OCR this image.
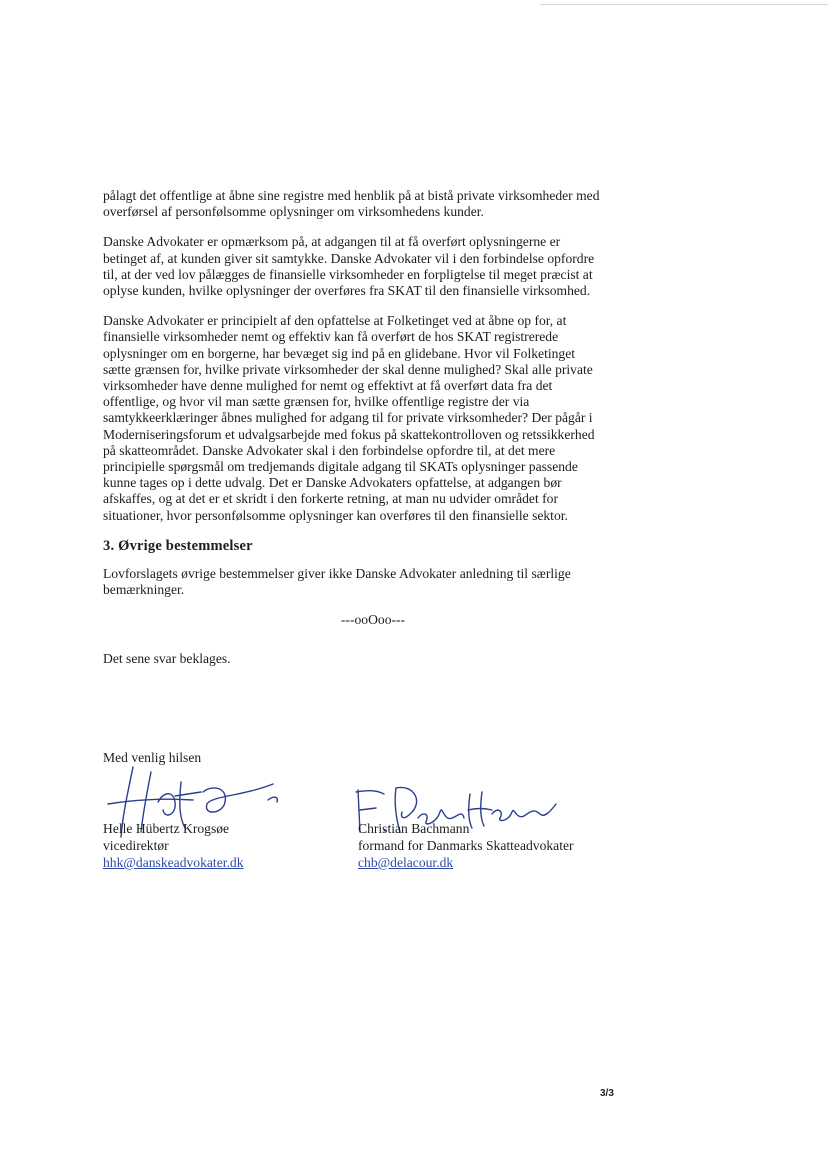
pålagt det offentlige at åbne sine registre med henblik på at bistå private virksomheder med overførsel af personfølsomme oplysninger om virksomhedens kunder.

Danske Advokater er opmærksom på, at adgangen til at få overført oplysningerne er betinget af, at kunden giver sit samtykke. Danske Advokater vil i den forbindelse opfordre til, at der ved lov pålægges de finansielle virksomheder en forpligtelse til meget præcist at oplyse kunden, hvilke oplysninger der overføres fra SKAT til den finansielle virksomhed.

Danske Advokater er principielt af den opfattelse at Folketinget ved at åbne op for, at finansielle virksomheder nemt og effektiv kan få overført de hos SKAT registrerede oplysninger om en borgerne, har bevæget sig ind på en glidebane. Hvor vil Folketinget sætte grænsen for, hvilke private virksomheder der skal denne mulighed? Skal alle private virksomheder have denne mulighed for nemt og effektivt at få overført data fra det offentlige, og hvor vil man sætte grænsen for, hvilke offentlige registre der via samtykkeerklæringer åbnes mulighed for adgang til for private virksomheder? Der pågår i Moderniseringsforum et udvalgsarbejde med fokus på skattekontrolloven og retssikkerhed på skatteområdet. Danske Advokater skal i den forbindelse opfordre til, at det mere principielle spørgsmål om tredjemands digitale adgang til SKATs oplysninger passende kunne tages op i dette udvalg. Det er Danske Advokaters opfattelse, at adgangen bør afskaffes, og at det er et skridt i den forkerte retning, at man nu udvider området for situationer, hvor personfølsomme oplysninger kan overføres til den finansielle sektor.

3. Øvrige bestemmelser

Lovforslagets øvrige bestemmelser giver ikke Danske Advokater anledning til særlige bemærkninger.

---ooOoo---

Det sene svar beklages.

Med venlig hilsen
Helle Hübertz Krogsøe
vicedirektør
hhk@danskeadvokater.dk
Christian Bachmann
formand for Danmarks Skatteadvokater
chb@delacour.dk
3/3
